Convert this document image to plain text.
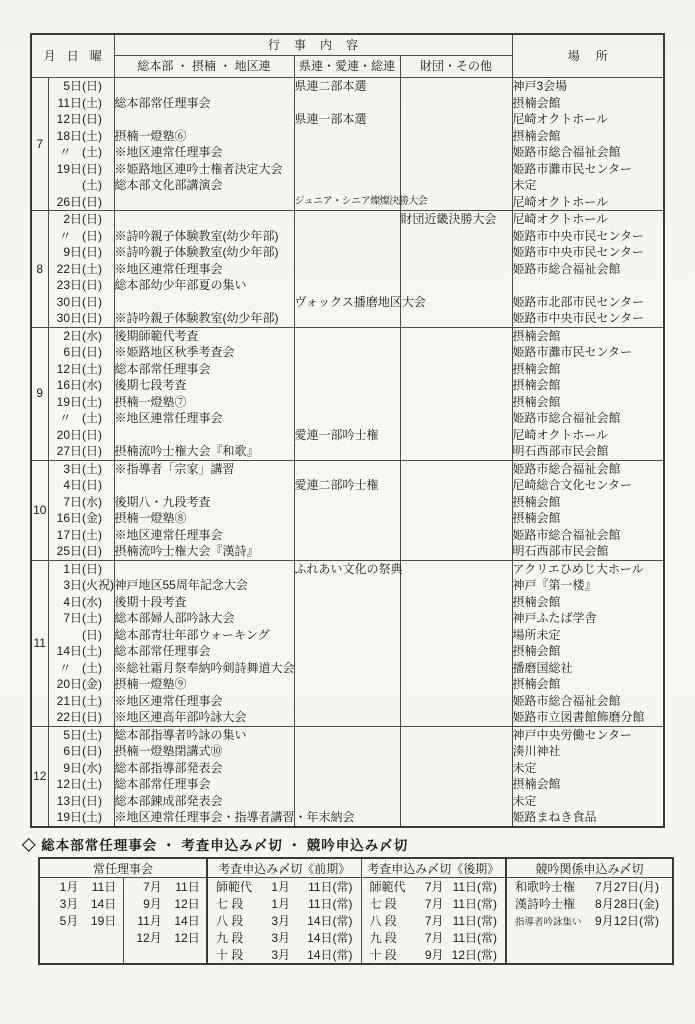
月 日 曜			行事内容			場所
			総本部 ・ 摂楠 ・ 地区連	県連・愛連・総連	財団・その他	
7	5日	(日)		県連二部本選		神戸3会場
	11日	(土)	総本部常任理事会			摂楠会館
	12日	(日)		県連一部本選		尼崎オクトホール
	18日	(土)	摂楠一燈塾⑥			摂楠会館
	〃	(土)	※地区連常任理事会			姫路市総合福祉会館
	19日	(日)	※姫路地区連吟士権者決定大会			姫路市灘市民センター
		(土)	総本部文化部講演会			未定
	26日	(日)		ジュニア・シニア燦燦決勝大会		尼崎オクトホール
8	2日	(日)			財団近畿決勝大会	尼崎オクトホール
	〃	(日)	※詩吟親子体験教室(幼少年部)			姫路市中央市民センター
	9日	(日)	※詩吟親子体験教室(幼少年部)			姫路市中央市民センター
	22日	(土)	※地区連常任理事会			姫路市総合福祉会館
	23日	(日)	総本部幼少年部夏の集い			
	30日	(日)		ヴォックス播磨地区大会		姫路市北部市民センター
	30日	(日)	※詩吟親子体験教室(幼少年部)			姫路市中央市民センター
9	2日	(水)	後期師範代考査			摂楠会館
	6日	(日)	※姫路地区秋季考査会			姫路市灘市民センター
	12日	(土)	総本部常任理事会			摂楠会館
	16日	(水)	後期七段考査			摂楠会館
	19日	(土)	摂楠一燈塾⑦			摂楠会館
	〃	(土)	※地区連常任理事会			姫路市総合福祉会館
	20日	(日)		愛連一部吟士権		尼崎オクトホール
	27日	(日)	摂楠流吟士権大会『和歌』			明石西部市民会館
10	3日	(土)	※指導者「宗家」講習			姫路市総合福祉会館
	4日	(日)		愛連二部吟士権		尼崎総合文化センター
	7日	(水)	後期八・九段考査			摂楠会館
	16日	(金)	摂楠一燈塾⑧			摂楠会館
	17日	(土)	※地区連常任理事会			姫路市総合福祉会館
	25日	(日)	摂楠流吟士権大会『漢詩』			明石西部市民会館
11	1日	(日)		ふれあい文化の祭典		アクリエひめじ大ホール
	3日	(火祝)	神戸地区55周年記念大会			神戸『第一楼』
	4日	(水)	後期十段考査			摂楠会館
	7日	(土)	総本部婦人部吟詠大会			神戸ふたば学舎
		(日)	総本部青壮年部ウォーキング			場所未定
	14日	(土)	総本部常任理事会			摂楠会館
	〃	(土)	※総社霜月祭奉納吟剣詩舞道大会			播磨国総社
	20日	(金)	摂楠一燈塾⑨			摂楠会館
	21日	(土)	※地区連常任理事会			姫路市総合福祉会館
	22日	(日)	※地区連高年部吟詠大会			姫路市立図書館飾磨分館
12	5日	(土)	総本部指導者吟詠の集い			神戸中央労働センター
	6日	(日)	摂楠一燈塾閉講式⑩			湊川神社
	9日	(水)	総本部指導部発表会			未定
	12日	(土)	総本部常任理事会			摂楠会館
	13日	(日)	総本部錬成部発表会			未定
	19日	(土)	※地区連常任理事会・指導者講習・年末納会			姫路まねき食品
◇ 総本部常任理事会 ・ 考査申込み〆切 ・ 競吟申込み〆切
常任理事会		考査申込み〆切《前期》	考査申込み〆切《後期》	競吟関係申込み〆切

1月 11日	7月 11日	師範代 1月 11日(常)	師範代 7月 11日(常)	和歌吟士権 7月27日(月)

3月 14日	9月 12日	七 段 1月 11日(常)	七 段 7月 11日(常)	漢詩吟士権 8月28日(金)

5月 19日	11月 14日	八 段 3月 14日(常)	八 段 7月 11日(常)	指導者吟詠集い 9月12日(常)

	12月 12日	九 段 3月 14日(常)	九 段 7月 11日(常)	

		十 段 3月 14日(常)	十 段 9月 12日(常)	
